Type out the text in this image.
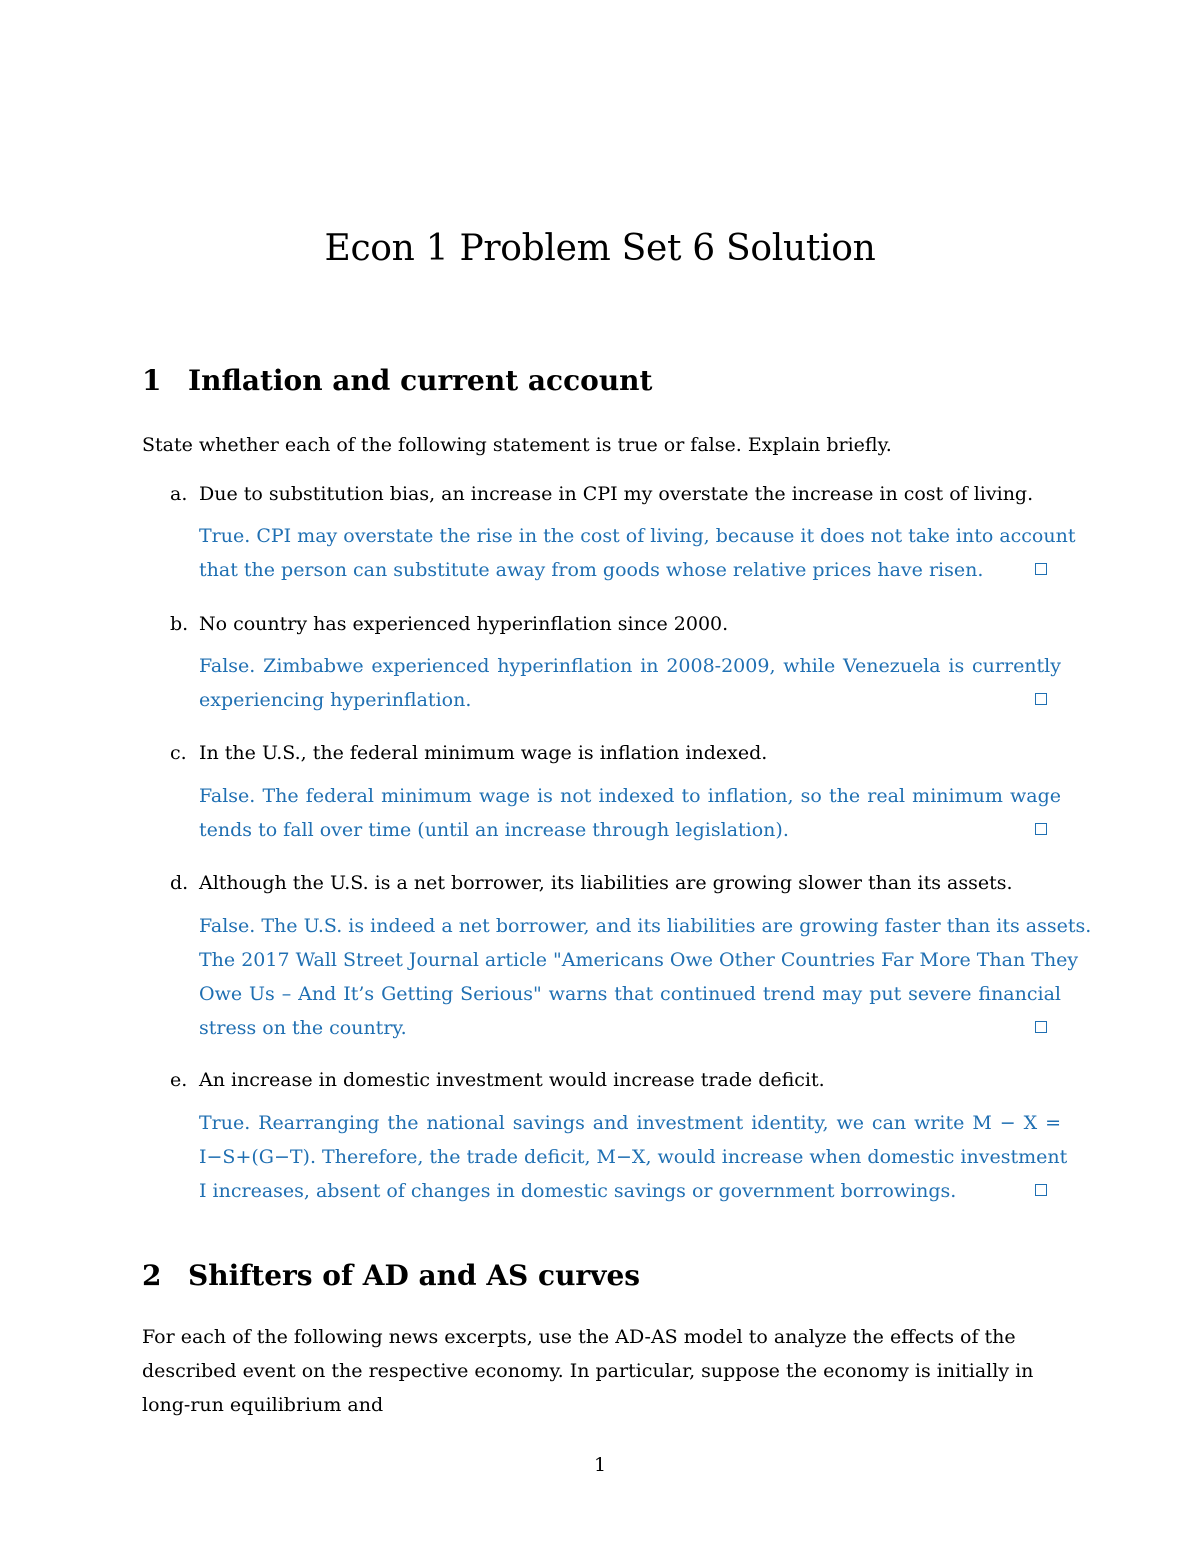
Econ 1 Problem Set 6 Solution
1 Inflation and current account
State whether each of the following statement is true or false. Explain briefly.
a. Due to substitution bias, an increase in CPI my overstate the increase in cost of living.
True. CPI may overstate the rise in the cost of living, because it does not take into account
that the person can substitute away from goods whose relative prices have risen.
b. No country has experienced hyperinflation since 2000.
False. Zimbabwe experienced hyperinflation in 2008-2009, while Venezuela is currently
experiencing hyperinflation.
c. In the U.S., the federal minimum wage is inflation indexed.
False. The federal minimum wage is not indexed to inflation, so the real minimum wage
tends to fall over time (until an increase through legislation).
d. Although the U.S. is a net borrower, its liabilities are growing slower than its assets.
False. The U.S. is indeed a net borrower, and its liabilities are growing faster than its assets.
The 2017 Wall Street Journal article "Americans Owe Other Countries Far More Than They
Owe Us – And It’s Getting Serious" warns that continued trend may put severe financial
stress on the country.
e. An increase in domestic investment would increase trade deficit.
True. Rearranging the national savings and investment identity, we can write M − X =
I−S+(G−T). Therefore, the trade deficit, M−X, would increase when domestic investment
I increases, absent of changes in domestic savings or government borrowings.
2 Shifters of AD and AS curves
For each of the following news excerpts, use the AD-AS model to analyze the effects of the
described event on the respective economy. In particular, suppose the economy is initially in
long-run equilibrium and
1
